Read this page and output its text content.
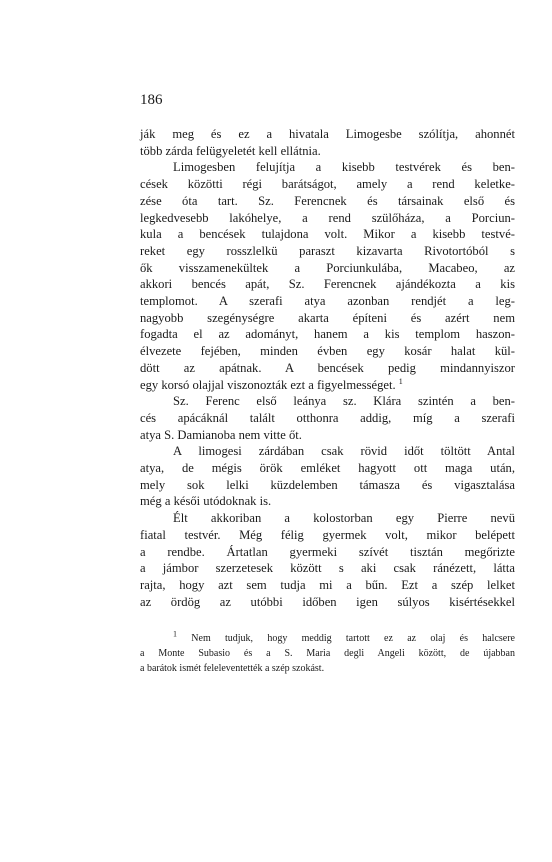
186
ják meg és ez a hivatala Limogesbe szólítja, ahonnét
több zárda felügyeletét kell ellátnia.
Limogesben felujítja a kisebb testvérek és ben-
cések közötti régi barátságot, amely a rend keletke-
zése óta tart. Sz. Ferencnek és társainak első és
legkedvesebb lakóhelye, a rend szülőháza, a Porciun-
kula a bencések tulajdona volt. Mikor a kisebb testvé-
reket egy rosszlelkü paraszt kizavarta Rivotortóból s
ők visszamenekültek a Porciunkulába, Macabeo, az
akkori bencés apát, Sz. Ferencnek ajándékozta a kis
templomot. A szerafi atya azonban rendjét a leg-
nagyobb szegénységre akarta építeni és azért nem
fogadta el az adományt, hanem a kis templom haszon-
élvezete fejében, minden évben egy kosár halat kül-
dött az apátnak. A bencések pedig mindannyiszor
egy korsó olajjal viszonozták ezt a figyelmességet. $^1$
Sz. Ferenc első leánya sz. Klára szintén a ben-
cés apácáknál talált otthonra addig, míg a szerafi
atya S. Damianoba nem vitte őt.
A limogesi zárdában csak rövid időt töltött Antal
atya, de mégis örök emléket hagyott ott maga után,
mely sok lelki küzdelemben támasza és vigasztalása
még a késői utódoknak is.
Élt akkoriban a kolostorban egy Pierre nevü
fiatal testvér. Még félig gyermek volt, mikor belépett
a rendbe. Ártatlan gyermeki szívét tisztán megőrizte
a jámbor szerzetesek között s aki csak ránézett, látta
rajta, hogy azt sem tudja mi a bűn. Ezt a szép lelket
az ördög az utóbbi időben igen súlyos kisértésekkel
$^1$ Nem tudjuk, hogy meddig tartott ez az olaj és halcsere
a Monte Subasio és a S. Maria degli Angeli között, de újabban
a barátok ismét feleleventették a szép szokást.
